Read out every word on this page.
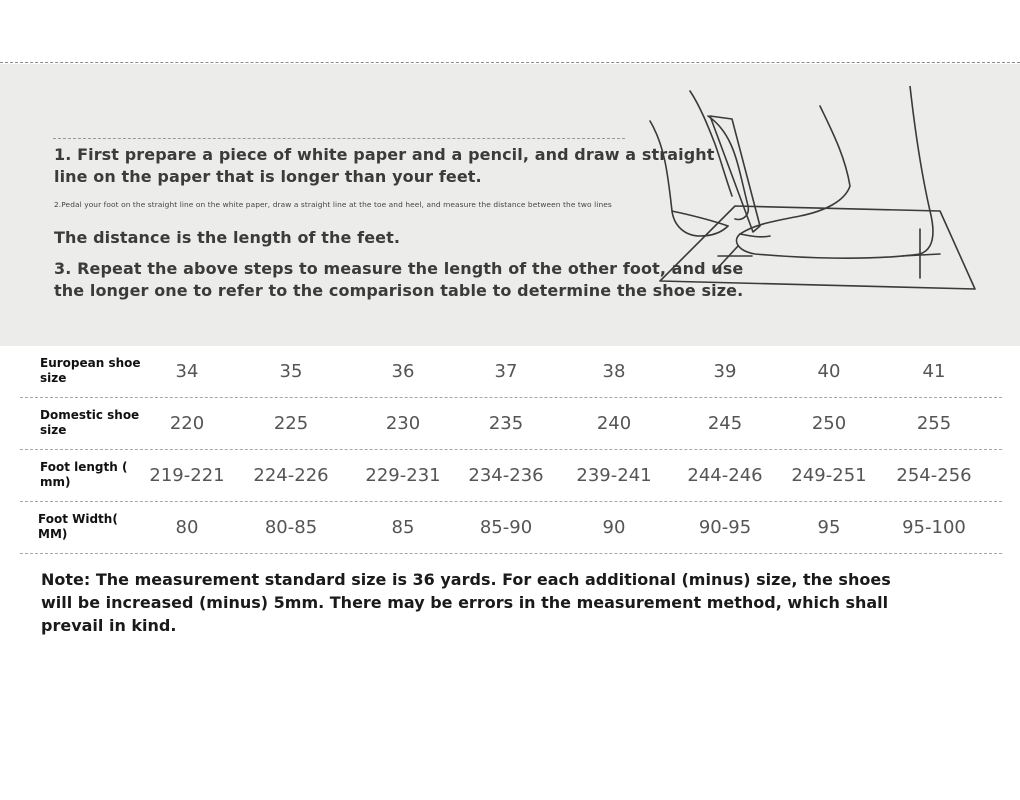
1. First prepare a piece of white paper and a pencil, and draw a straight line on the paper that is longer than your feet.
2.Pedal your foot on the straight line on the white paper, draw a straight line at the toe and heel, and measure the distance between the two lines
The distance is the length of the feet.
3. Repeat the above steps to measure the length of the other foot, and use the longer one to refer to the comparison table to determine the shoe size.
European shoe size	34	35	36	37	38	39	40	41
Domestic shoe size	220	225	230	235	240	245	250	255
Foot length ( mm)	219-221	224-226	229-231	234-236	239-241	244-246	249-251	254-256
Foot Width( MM)	80	80-85	85	85-90	90	90-95	95	95-100
Note: The measurement standard size is 36 yards. For each additional (minus) size, the shoes will be increased (minus) 5mm. There may be errors in the measurement method, which shall prevail in kind.
